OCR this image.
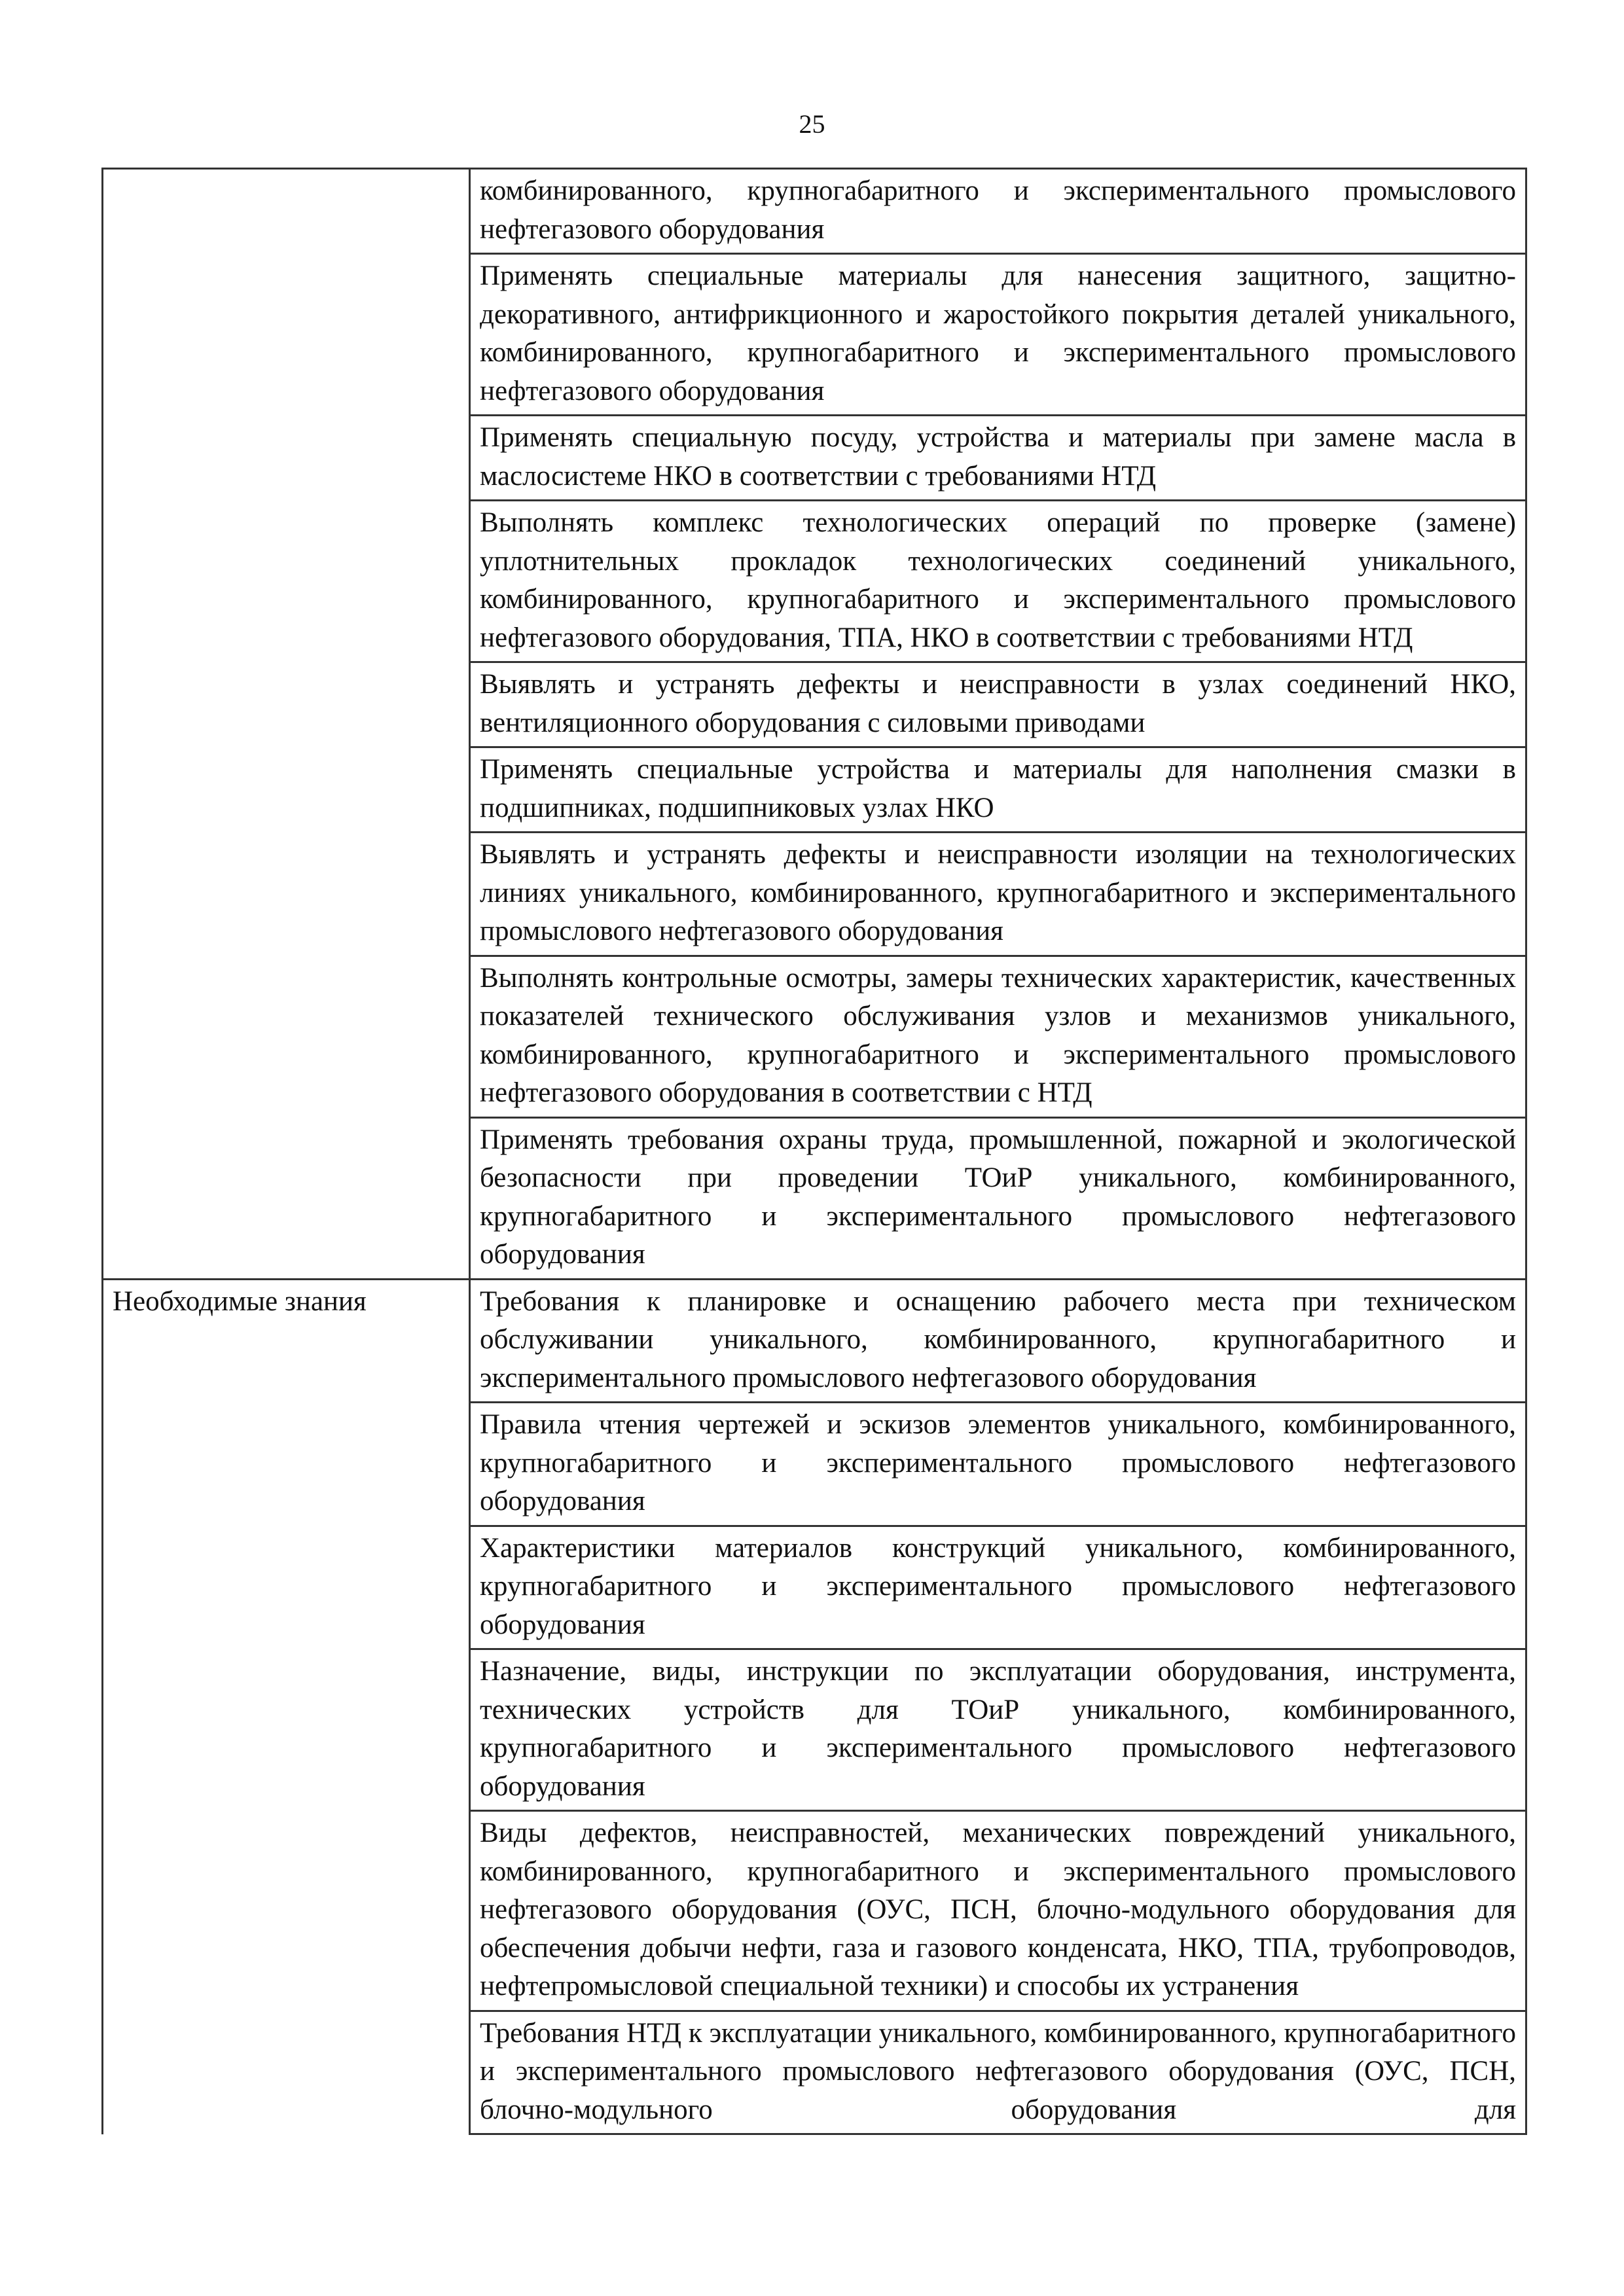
25
	комбинированного, крупногабаритного и экспериментального промыслового нефтегазового оборудования
	Применять специальные материалы для нанесения защитного, защитно-декоративного, антифрикционного и жаростойкого покрытия деталей уникального, комбинированного, крупногабаритного и экспериментального промыслового нефтегазового оборудования
	Применять специальную посуду, устройства и материалы при замене масла в маслосистеме НКО в соответствии с требованиями НТД
	Выполнять комплекс технологических операций по проверке (замене) уплотнительных прокладок технологических соединений уникального, комбинированного, крупногабаритного и экспериментального промыслового нефтегазового оборудования, ТПА, НКО в соответствии с требованиями НТД
	Выявлять и устранять дефекты и неисправности в узлах соединений НКО, вентиляционного оборудования с силовыми приводами
	Применять специальные устройства и материалы для наполнения смазки в подшипниках, подшипниковых узлах НКО
	Выявлять и устранять дефекты и неисправности изоляции на технологических линиях уникального, комбинированного, крупногабаритного и экспериментального промыслового нефтегазового оборудования
	Выполнять контрольные осмотры, замеры технических характеристик, качественных показателей технического обслуживания узлов и механизмов уникального, комбинированного, крупногабаритного и экспериментального промыслового нефтегазового оборудования в соответствии с НТД
	Применять требования охраны труда, промышленной, пожарной и экологической безопасности при проведении ТОиР уникального, комбинированного, крупногабаритного и экспериментального промыслового нефтегазового оборудования
Необходимые знания	Требования к планировке и оснащению рабочего места при техническом обслуживании уникального, комбинированного, крупногабаритного и экспериментального промыслового нефтегазового оборудования
	Правила чтения чертежей и эскизов элементов уникального, комбинированного, крупногабаритного и экспериментального промыслового нефтегазового оборудования
	Характеристики материалов конструкций уникального, комбинированного, крупногабаритного и экспериментального промыслового нефтегазового оборудования
	Назначение, виды, инструкции по эксплуатации оборудования, инструмента, технических устройств для ТОиР уникального, комбинированного, крупногабаритного и экспериментального промыслового нефтегазового оборудования
	Виды дефектов, неисправностей, механических повреждений уникального, комбинированного, крупногабаритного и экспериментального промыслового нефтегазового оборудования (ОУС, ПСН, блочно-модульного оборудования для обеспечения добычи нефти, газа и газового конденсата, НКО, ТПА, трубопроводов, нефтепромысловой специальной техники) и способы их устранения
	Требования НТД к эксплуатации уникального, комбинированного, крупногабаритного и экспериментального промыслового нефтегазового оборудования (ОУС, ПСН, блочно-модульного оборудования для
